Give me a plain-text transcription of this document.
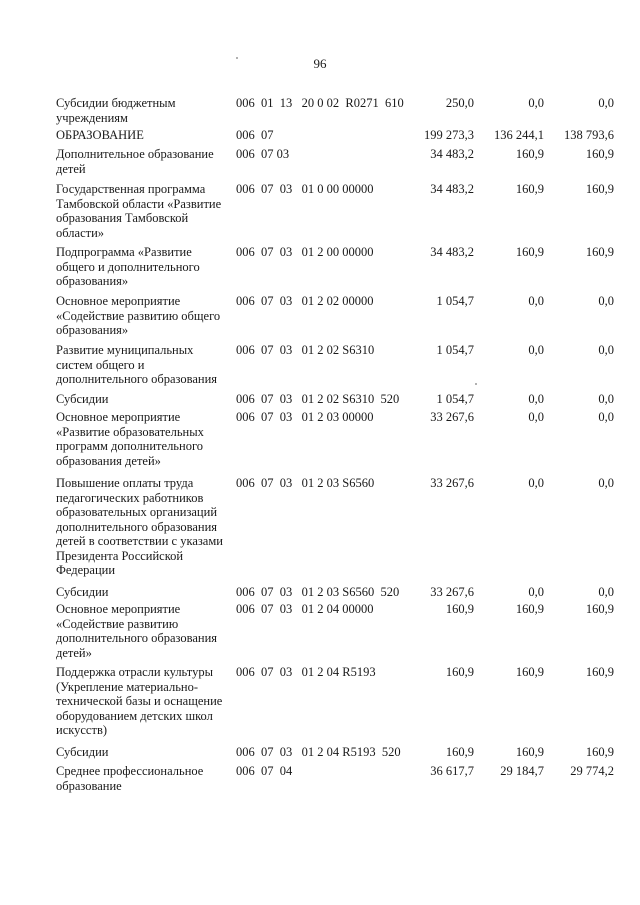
96
Субсидии бюджетным
учреждениям
006  01  13   20 0 02  R0271  610	250,0	0,0	0,0
ОБРАЗОВАНИЕ	006  07	199 273,3	136 244,1	138 793,6
Дополнительное образование
детей
006  07 03	34 483,2	160,9	160,9
Государственная программа
Тамбовской области «Развитие
образования Тамбовской
области»
006  07  03   01 0 00 00000	34 483,2	160,9	160,9
Подпрограмма «Развитие
общего и дополнительного
образования»
006  07  03   01 2 00 00000	34 483,2	160,9	160,9
Основное мероприятие
«Содействие развитию общего
образования»
006  07  03   01 2 02 00000	1 054,7	0,0	0,0
Развитие муниципальных
систем общего и
дополнительного образования
006  07  03   01 2 02 S6310	1 054,7	0,0	0,0
Субсидии	006  07  03   01 2 02 S6310  520	1 054,7	0,0	0,0
Основное мероприятие
«Развитие образовательных
программ дополнительного
образования детей»
006  07  03   01 2 03 00000	33 267,6	0,0	0,0
Повышение оплаты труда
педагогических работников
образовательных организаций
дополнительного образования
детей в соответствии с указами
Президента Российской
Федерации
006  07  03   01 2 03 S6560	33 267,6	0,0	0,0
Субсидии	006  07  03   01 2 03 S6560  520	33 267,6	0,0	0,0
Основное мероприятие
«Содействие развитию
дополнительного образования
детей»
006  07  03   01 2 04 00000	160,9	160,9	160,9
Поддержка отрасли культуры
(Укрепление материально-
технической базы и оснащение
оборудованием детских школ
искусств)
006  07  03   01 2 04 R5193	160,9	160,9	160,9
Субсидии	006  07  03   01 2 04 R5193  520	160,9	160,9	160,9
Среднее профессиональное
образование
006  07  04	36 617,7	29 184,7	29 774,2
